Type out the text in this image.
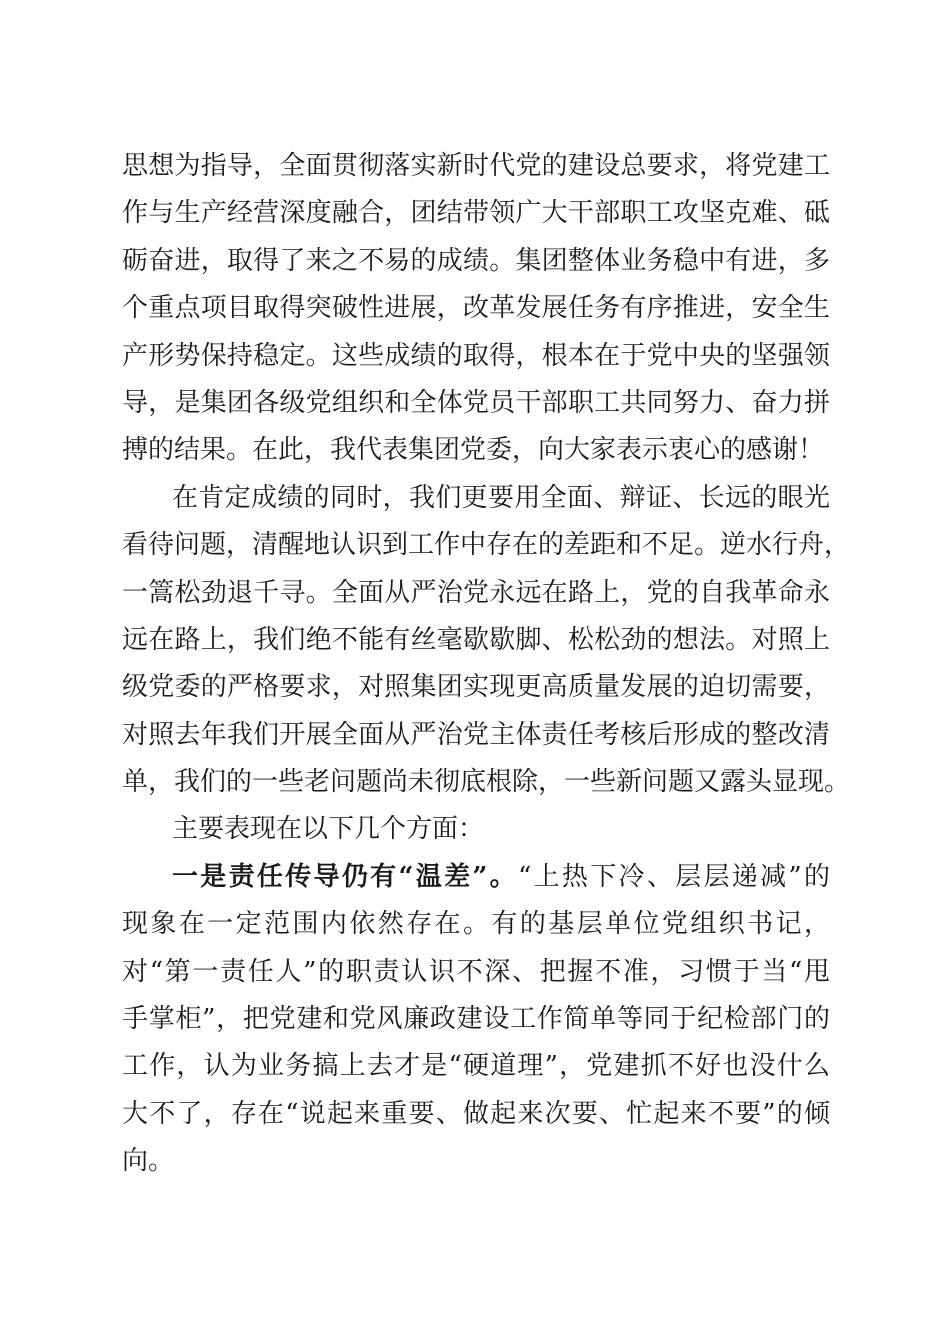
思想为指导，全面贯彻落实新时代党的建设总要求，将党建工
作与生产经营深度融合，团结带领广大干部职工攻坚克难、砥
砺奋进，取得了来之不易的成绩。集团整体业务稳中有进，多
个重点项目取得突破性进展，改革发展任务有序推进，安全生
产形势保持稳定。这些成绩的取得，根本在于党中央的坚强领
导，是集团各级党组织和全体党员干部职工共同努力、奋力拼
搏的结果。在此，我代表集团党委，向大家表示衷心的感谢！
在肯定成绩的同时，我们更要用全面、辩证、长远的眼光
看待问题，清醒地认识到工作中存在的差距和不足。逆水行舟，
一篙松劲退千寻。全面从严治党永远在路上，党的自我革命永
远在路上，我们绝不能有丝毫歇歇脚、松松劲的想法。对照上
级党委的严格要求，对照集团实现更高质量发展的迫切需要，
对照去年我们开展全面从严治党主体责任考核后形成的整改清
单，我们的一些老问题尚未彻底根除，一些新问题又露头显现。
主要表现在以下几个方面：
一是责任传导仍有“温差”。“上热下冷、层层递减”的
现象在一定范围内依然存在。有的基层单位党组织书记，
对“第一责任人”的职责认识不深、把握不准，习惯于当“甩
手掌柜”，把党建和党风廉政建设工作简单等同于纪检部门的
工作，认为业务搞上去才是“硬道理”，党建抓不好也没什么
大不了，存在“说起来重要、做起来次要、忙起来不要”的倾
向。
